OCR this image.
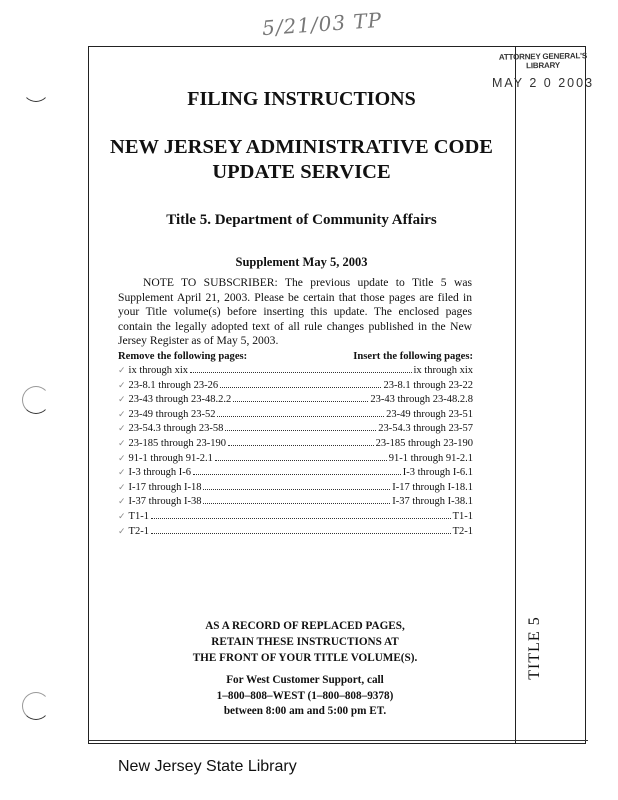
5/21/03 TP
ATTORNEY GENERAL'S LIBRARY
MAY 2 0 2003
FILING INSTRUCTIONS
NEW JERSEY ADMINISTRATIVE CODE
UPDATE SERVICE
Title 5. Department of Community Affairs
Supplement May 5, 2003
NOTE TO SUBSCRIBER: The previous update to Title 5 was Supplement April 21, 2003. Please be certain that those pages are filed in your Title volume(s) before inserting this update. The enclosed pages contain the legally adopted text of all rule changes published in the New Jersey Register as of May 5, 2003.
Remove the following pages:	Insert the following pages:
✓ ix through xix	ix through xix
✓ 23-8.1 through 23-26	23-8.1 through 23-22
✓ 23-43 through 23-48.2.2	23-43 through 23-48.2.8
✓ 23-49 through 23-52	23-49 through 23-51
✓ 23-54.3 through 23-58	23-54.3 through 23-57
✓ 23-185 through 23-190	23-185 through 23-190
✓ 91-1 through 91-2.1	91-1 through 91-2.1
✓ I-3 through I-6	I-3 through I-6.1
✓ I-17 through I-18	I-17 through I-18.1
✓ I-37 through I-38	I-37 through I-38.1
✓ T1-1	T1-1
✓ T2-1	T2-1
AS A RECORD OF REPLACED PAGES,
RETAIN THESE INSTRUCTIONS AT
THE FRONT OF YOUR TITLE VOLUME(S).
For West Customer Support, call
1–800–808–WEST (1–800–808–9378)
between 8:00 am and 5:00 pm ET.
TITLE 5
New Jersey State Library
